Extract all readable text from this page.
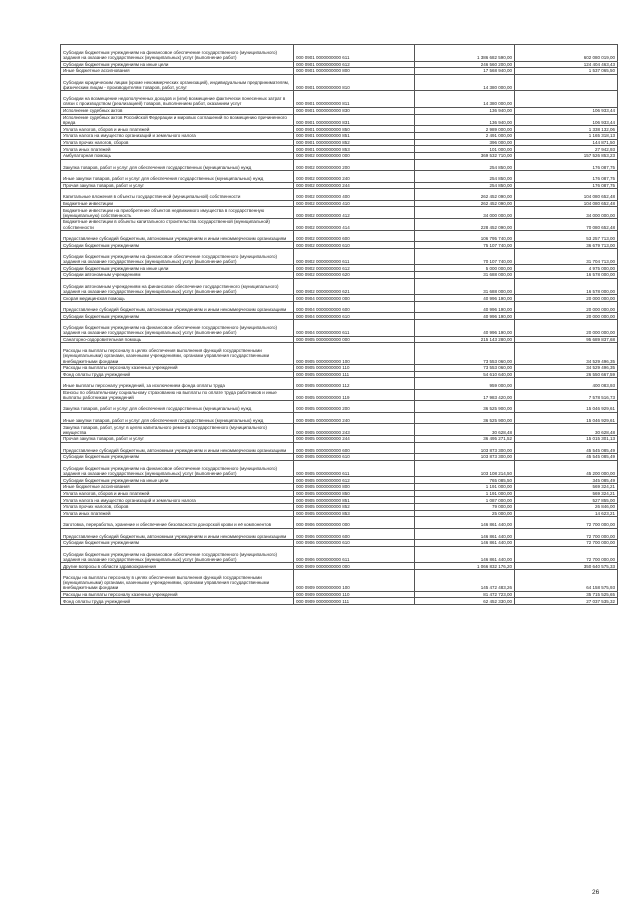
Субсидии бюджетным учреждениям на финансовое обеспечение государственного (муниципального) задания на оказание государственных (муниципальных) услуг (выполнение работ)	000 0901 0000000000 611	1 386 682 590,00	602 080 019,00
Субсидии бюджетным учреждениям на иные цели	000 0901 0000000000 612	246 560 200,00	124 404 463,43
Иные бюджетные ассигнования	000 0901 0000000000 800	17 568 940,00	1 537 065,50
Субсидии юридическим лицам (кроме некоммерческих организаций), индивидуальным предпринимателям, физическим лицам - производителям товаров, работ, услуг	000 0901 0000000000 810	14 380 000,00	
Субсидии на возмещение недополученных доходов и (или) возмещение фактически понесенных затрат в связи с производством (реализацией) товаров, выполнением работ, оказанием услуг	000 0901 0000000000 811	14 380 000,00	
Исполнение судебных актов	000 0901 0000000000 830	136 940,00	106 933,44
Исполнение судебных актов Российской Федерации и мировых соглашений по возмещению причиненного вреда	000 0901 0000000000 831	136 940,00	106 933,44
Уплата налогов, сборов и иных платежей	000 0901 0000000000 850	2 989 000,00	1 338 132,06
Уплата налога на имущество организаций и земельного налога	000 0901 0000000000 851	2 491 000,00	1 165 318,13
Уплата прочих налогов, сборов	000 0901 0000000000 852	396 000,00	144 871,50
Уплата иных платежей	000 0901 0000000000 853	101 000,00	27 942,93
Амбулаторная помощь	000 0902 0000000000 000	369 532 710,00	157 526 853,23
Закупка товаров, работ и услуг для обеспечения государственных (муниципальных) нужд	000 0902 0000000000 200	254 850,00	176 087,75
Иные закупки товаров, работ и услуг для обеспечения государственных (муниципальных) нужд	000 0902 0000000000 240	254 850,00	176 087,75
Прочая закупка товаров, работ и услуг	000 0902 0000000000 244	254 850,00	176 087,75
Капитальные вложения в объекты государственной (муниципальной) собственности	000 0902 0000000000 400	262 452 090,00	104 080 652,48
Бюджетные инвестиции	000 0902 0000000000 410	262 452 090,00	104 080 652,48
Бюджетные инвестиции на приобретение объектов недвижимого имущества в государственную (муниципальную) собственность	000 0902 0000000000 412	34 000 000,00	34 000 000,00
Бюджетные инвестиции в объекты капитального строительства государственной (муниципальной) собственности	000 0902 0000000000 414	228 452 090,00	70 080 652,48
Предоставление субсидий бюджетным, автономным учреждениям и иным некоммерческим организациям	000 0902 0000000000 600	106 795 740,00	53 257 713,00
Субсидии бюджетным учреждениям	000 0902 0000000000 610	75 107 740,00	36 679 713,00
Субсидии бюджетным учреждениям на финансовое обеспечение государственного (муниципального) задания на оказание государственных (муниципальных) услуг (выполнение работ)	000 0902 0000000000 611	70 107 740,00	31 704 713,00
Субсидии бюджетным учреждениям на иные цели	000 0902 0000000000 612	5 000 000,00	4 975 000,00
Субсидии автономным учреждениям	000 0902 0000000000 620	31 688 000,00	16 578 000,00
Субсидии автономным учреждениям на финансовое обеспечение государственного (муниципального) задания на оказание государственных (муниципальных) услуг (выполнение работ)	000 0902 0000000000 621	31 688 000,00	16 578 000,00
Скорая медицинская помощь	000 0904 0000000000 000	40 996 190,00	20 000 000,00
Предоставление субсидий бюджетным, автономным учреждениям и иным некоммерческим организациям	000 0904 0000000000 600	40 996 190,00	20 000 000,00
Субсидии бюджетным учреждениям	000 0904 0000000000 610	40 996 190,00	20 000 000,00
Субсидии бюджетным учреждениям на финансовое обеспечение государственного (муниципального) задания на оказание государственных (муниципальных) услуг (выполнение работ)	000 0904 0000000000 611	40 996 190,00	20 000 000,00
Санаторно-оздоровительная помощь	000 0905 0000000000 000	215 143 280,00	95 689 837,68
Расходы на выплаты персоналу в целях обеспечения выполнения функций государственными (муниципальными) органами, казенными учреждениями, органами управления государственными внебюджетными фондами	000 0905 0000000000 100	73 553 060,00	34 529 496,35
Расходы на выплаты персоналу казенных учреждений	000 0905 0000000000 110	73 553 060,00	34 529 496,35
Фонд оплаты труда учреждений	000 0905 0000000000 111	54 610 640,00	26 550 667,59
Иные выплаты персоналу учреждений, за исключением фонда оплаты труда	000 0905 0000000000 112	959 000,00	400 083,93
Взносы по обязательному социальному страхованию на выплаты по оплате труда работников и иные выплаты работникам учреждений	000 0905 0000000000 119	17 983 420,00	7 578 516,73
Закупка товаров, работ и услуг для обеспечения государственных (муниципальных) нужд	000 0905 0000000000 200	36 525 900,00	15 046 929,61
Иные закупки товаров, работ и услуг для обеспечения государственных (муниципальных) нужд	000 0905 0000000000 240	36 525 900,00	15 046 929,61
Закупка товаров, работ, услуг в целях капитального ремонта государственного (муниципального) имущества	000 0905 0000000000 243	30 628,48	30 628,48
Прочая закупка товаров, работ и услуг	000 0905 0000000000 244	36 495 271,52	15 015 301,13
Предоставление субсидий бюджетным, автономным учреждениям и иным некоммерческим организациям	000 0905 0000000000 600	103 873 300,00	45 545 085,49
Субсидии бюджетным учреждениям	000 0905 0000000000 610	103 873 300,00	45 545 085,49
Субсидии бюджетным учреждениям на финансовое обеспечение государственного (муниципального) задания на оказание государственных (муниципальных) услуг (выполнение работ)	000 0905 0000000000 611	103 108 214,50	45 200 000,00
Субсидии бюджетным учреждениям на иные цели	000 0905 0000000000 612	765 085,50	345 085,49
Иные бюджетные ассигнования	000 0905 0000000000 800	1 191 000,00	569 324,21
Уплата налогов, сборов и иных платежей	000 0905 0000000000 850	1 191 000,00	569 324,21
Уплата налога на имущество организаций и земельного налога	000 0905 0000000000 851	1 087 000,00	527 855,00
Уплата прочих налогов, сборов	000 0905 0000000000 852	79 000,00	26 846,00
Уплата иных платежей	000 0905 0000000000 853	25 000,00	14 623,21
Заготовка, переработка, хранение и обеспечение безопасности донорской крови и её компонентов	000 0906 0000000000 000	146 861 440,00	72 700 000,00
Предоставление субсидий бюджетным, автономным учреждениям и иным некоммерческим организациям	000 0906 0000000000 600	146 861 440,00	72 700 000,00
Субсидии бюджетным учреждениям	000 0906 0000000000 610	146 861 440,00	72 700 000,00
Субсидии бюджетным учреждениям на финансовое обеспечение государственного (муниципального) задания на оказание государственных (муниципальных) услуг (выполнение работ)	000 0906 0000000000 611	146 861 440,00	72 700 000,00
Другие вопросы в области здравоохранения	000 0909 0000000000 000	1 066 832 176,20	350 640 575,33
Расходы на выплаты персоналу в целях обеспечения выполнения функций государственными (муниципальными) органами, казенными учреждениями, органами управления государственными внебюджетными фондами	000 0909 0000000000 100	145 472 483,26	64 158 575,93
Расходы на выплаты персоналу казенных учреждений	000 0909 0000000000 110	81 472 723,00	35 715 525,65
Фонд оплаты труда учреждений	000 0909 0000000000 111	62 452 330,00	27 037 535,32
26
